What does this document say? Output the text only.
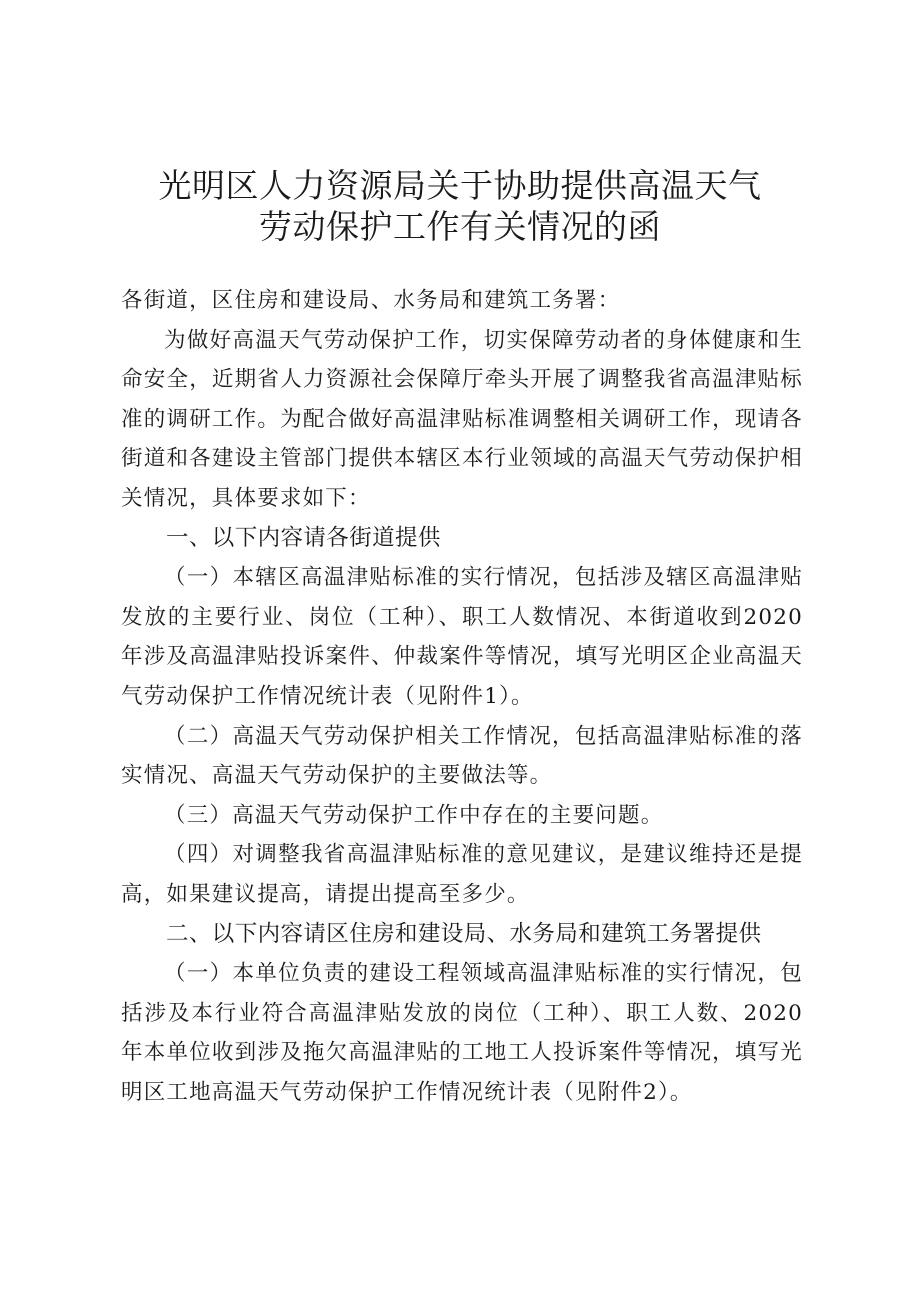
光明区人力资源局关于协助提供高温天气
劳动保护工作有关情况的函

各街道，区住房和建设局、水务局和建筑工务署：

为做好高温天气劳动保护工作，切实保障劳动者的身体健康和生命安全，近期省人力资源社会保障厅牵头开展了调整我省高温津贴标准的调研工作。为配合做好高温津贴标准调整相关调研工作，现请各街道和各建设主管部门提供本辖区本行业领域的高温天气劳动保护相关情况，具体要求如下：

一、以下内容请各街道提供

（一）本辖区高温津贴标准的实行情况，包括涉及辖区高温津贴发放的主要行业、岗位（工种）、职工人数情况、本街道收到2020年涉及高温津贴投诉案件、仲裁案件等情况，填写光明区企业高温天气劳动保护工作情况统计表（见附件1）。

（二）高温天气劳动保护相关工作情况，包括高温津贴标准的落实情况、高温天气劳动保护的主要做法等。

（三）高温天气劳动保护工作中存在的主要问题。

（四）对调整我省高温津贴标准的意见建议，是建议维持还是提高，如果建议提高，请提出提高至多少。

二、以下内容请区住房和建设局、水务局和建筑工务署提供

（一）本单位负责的建设工程领域高温津贴标准的实行情况，包括涉及本行业符合高温津贴发放的岗位（工种）、职工人数、2020年本单位收到涉及拖欠高温津贴的工地工人投诉案件等情况，填写光明区工地高温天气劳动保护工作情况统计表（见附件2）。
